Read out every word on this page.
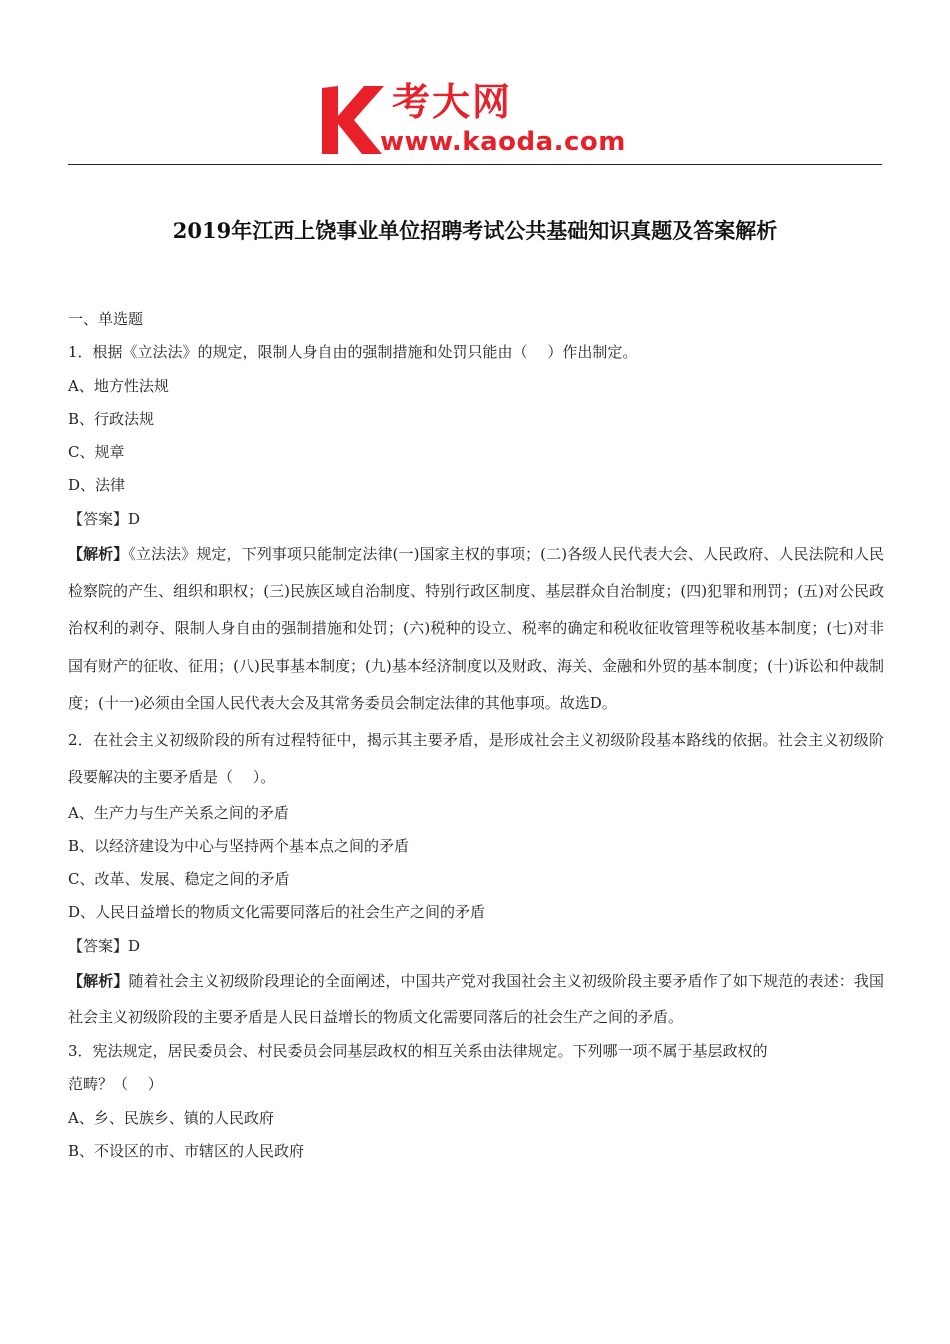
考大网
www.kaoda.com
2019年江西上饶事业单位招聘考试公共基础知识真题及答案解析

一、单选题

1．根据《立法法》的规定，限制人身自由的强制措施和处罚只能由（　 ）作出制定。

A、地方性法规

B、行政法规

C、规章

D、法律

【答案】D

【解析】《立法法》规定，下列事项只能制定法律(一)国家主权的事项；(二)各级人民代表大会、人民政府、人民法院和人民检察院的产生、组织和职权；(三)民族区域自治制度、特别行政区制度、基层群众自治制度；(四)犯罪和刑罚；(五)对公民政治权利的剥夺、限制人身自由的强制措施和处罚；(六)税种的设立、税率的确定和税收征收管理等税收基本制度；(七)对非国有财产的征收、征用；(八)民事基本制度；(九)基本经济制度以及财政、海关、金融和外贸的基本制度；(十)诉讼和仲裁制度；(十一)必须由全国人民代表大会及其常务委员会制定法律的其他事项。故选D。

2．在社会主义初级阶段的所有过程特征中，揭示其主要矛盾，是形成社会主义初级阶段基本路线的依据。社会主义初级阶段要解决的主要矛盾是（　 ）。

A、生产力与生产关系之间的矛盾

B、以经济建设为中心与坚持两个基本点之间的矛盾

C、改革、发展、稳定之间的矛盾

D、人民日益增长的物质文化需要同落后的社会生产之间的矛盾

【答案】D

【解析】随着社会主义初级阶段理论的全面阐述，中国共产党对我国社会主义初级阶段主要矛盾作了如下规范的表述：我国社会主义初级阶段的主要矛盾是人民日益增长的物质文化需要同落后的社会生产之间的矛盾。

3．宪法规定，居民委员会、村民委员会同基层政权的相互关系由法律规定。下列哪一项不属于基层政权的

范畴？（　 ）

A、乡、民族乡、镇的人民政府

B、不设区的市、市辖区的人民政府
